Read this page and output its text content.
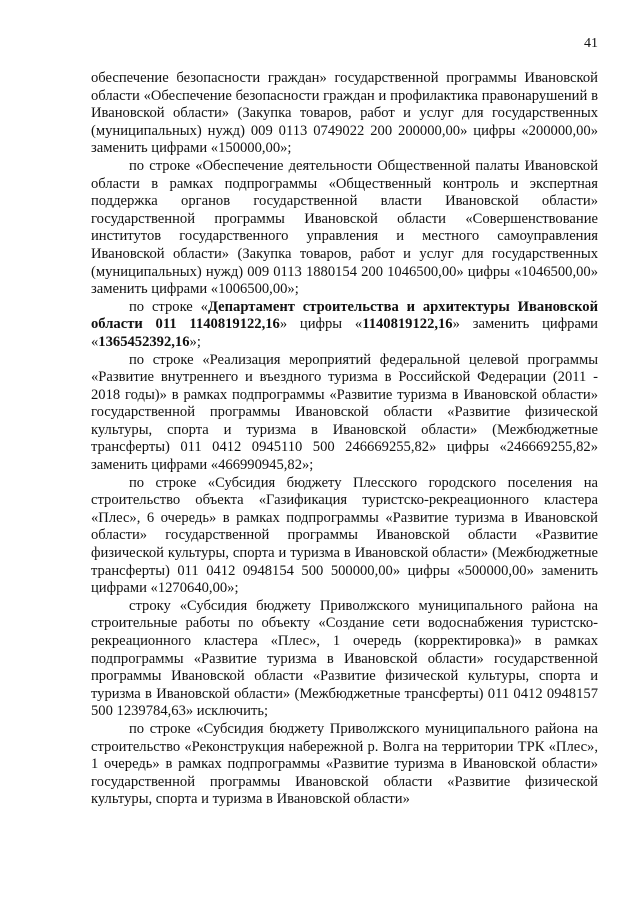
41

обеспечение безопасности граждан» государственной программы Ивановской области «Обеспечение безопасности граждан и профилактика правонарушений в Ивановской области» (Закупка товаров, работ и услуг для государственных (муниципальных) нужд) 009 0113 0749022 200 200000,00» цифры «200000,00» заменить цифрами «150000,00»;

по строке «Обеспечение деятельности Общественной палаты Ивановской области в рамках подпрограммы «Общественный контроль и экспертная поддержка органов государственной власти Ивановской области» государственной программы Ивановской области «Совершенствование институтов государственного управления и местного самоуправления Ивановской области» (Закупка товаров, работ и услуг для государственных (муниципальных) нужд) 009 0113 1880154 200 1046500,00» цифры «1046500,00» заменить цифрами «1006500,00»;

по строке «Департамент строительства и архитектуры Ивановской области 011 1140819122,16» цифры «1140819122,16» заменить цифрами «1365452392,16»;

по строке «Реализация мероприятий федеральной целевой программы «Развитие внутреннего и въездного туризма в Российской Федерации (2011 - 2018 годы)» в рамках подпрограммы «Развитие туризма в Ивановской области» государственной программы Ивановской области «Развитие физической культуры, спорта и туризма в Ивановской области» (Межбюджетные трансферты) 011 0412 0945110 500 246669255,82» цифры «246669255,82» заменить цифрами «466990945,82»;

по строке «Субсидия бюджету Плесского городского поселения на строительство объекта «Газификация туристско-рекреационного кластера «Плес», 6 очередь» в рамках подпрограммы «Развитие туризма в Ивановской области» государственной программы Ивановской области «Развитие физической культуры, спорта и туризма в Ивановской области» (Межбюджетные трансферты) 011 0412 0948154 500 500000,00» цифры «500000,00» заменить цифрами «1270640,00»;

строку «Субсидия бюджету Приволжского муниципального района на строительные работы по объекту «Создание сети водоснабжения туристско-рекреационного кластера «Плес», 1 очередь (корректировка)» в рамках подпрограммы «Развитие туризма в Ивановской области» государственной программы Ивановской области «Развитие физической культуры, спорта и туризма в Ивановской области» (Межбюджетные трансферты) 011 0412 0948157 500 1239784,63» исключить;

по строке «Субсидия бюджету Приволжского муниципального района на строительство «Реконструкция набережной р. Волга на территории ТРК «Плес», 1 очередь» в рамках подпрограммы «Развитие туризма в Ивановской области» государственной программы Ивановской области «Развитие физической культуры, спорта и туризма в Ивановской области»
